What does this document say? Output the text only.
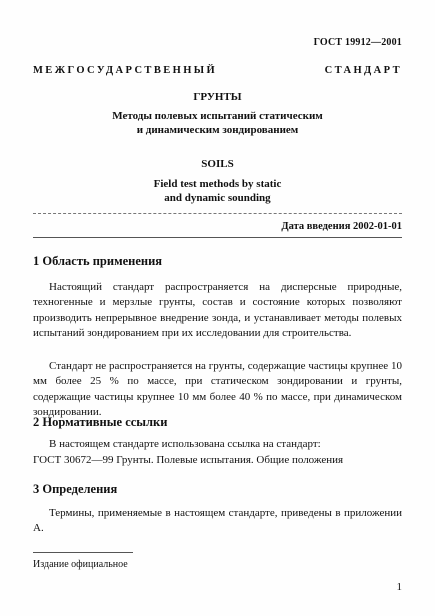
ГОСТ 19912—2001
МЕЖГОСУДАРСТВЕННЫЙ СТАНДАРТ
ГРУНТЫ
Методы полевых испытаний статическим
и динамическим зондированием
SOILS
Field test methods by static
and dynamic sounding
Дата введения 2002-01-01
1 Область применения
Настоящий стандарт распространяется на дисперсные природные, техногенные и мерзлые грунты, состав и состояние которых позволяют производить непрерывное внедрение зонда, и устанавливает методы полевых испытаний зондированием при их исследовании для строительства.
Стандарт не распространяется на грунты, содержащие частицы крупнее 10 мм более 25 % по массе, при статическом зондировании и грунты, содержащие частицы крупнее 10 мм более 40 % по массе, при динамическом зондировании.
2 Нормативные ссылки
В настоящем стандарте использована ссылка на стандарт:
ГОСТ 30672—99 Грунты. Полевые испытания. Общие положения
3 Определения
Термины, применяемые в настоящем стандарте, приведены в приложении А.
Издание официальное
1
